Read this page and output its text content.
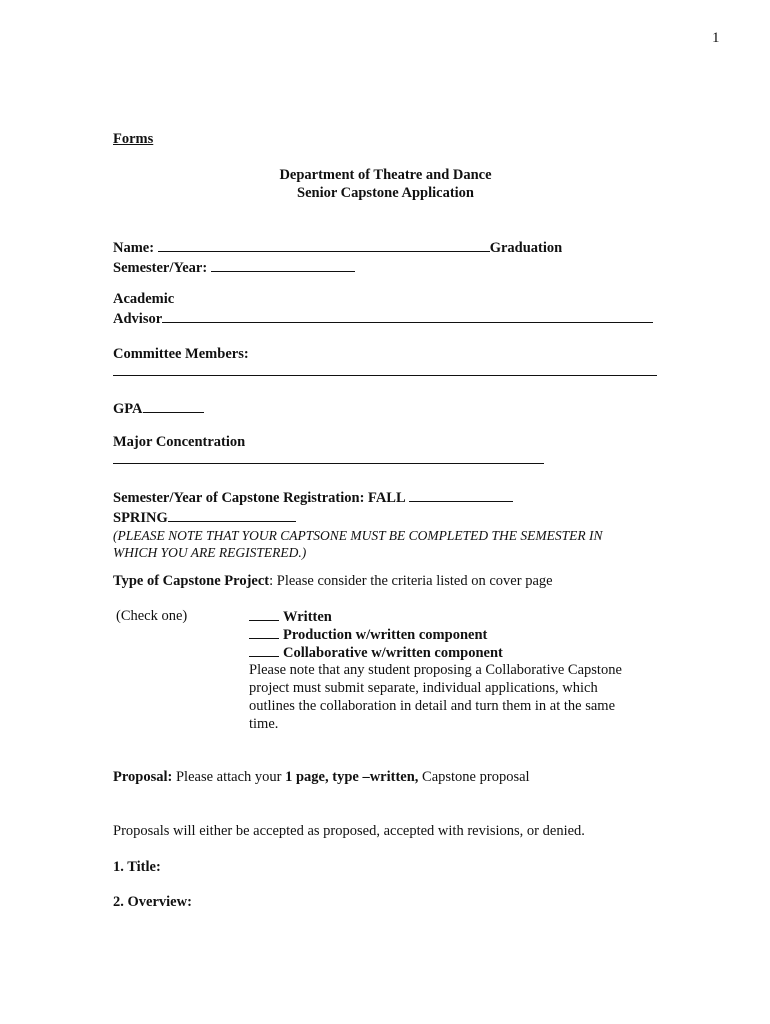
1
Forms
Department of Theatre and Dance
Senior Capstone Application
Name:	Graduation
Semester/Year:
Academic
Advisor
Committee Members:
GPA
Major Concentration
Semester/Year of Capstone Registration: FALL
SPRING
(PLEASE NOTE THAT YOUR CAPTSONE MUST BE COMPLETED THE SEMESTER IN
WHICH YOU ARE REGISTERED.)
Type of Capstone Project: Please consider the criteria listed on cover page
(Check one)	Written
Production w/written component
Collaborative w/written component
Please note that any student proposing a Collaborative Capstone
project must submit separate, individual applications, which
outlines the collaboration in detail and turn them in at the same
time.
Proposal: Please attach your 1 page, type –written, Capstone proposal
Proposals will either be accepted as proposed, accepted with revisions, or denied.
1. Title:
2. Overview:
